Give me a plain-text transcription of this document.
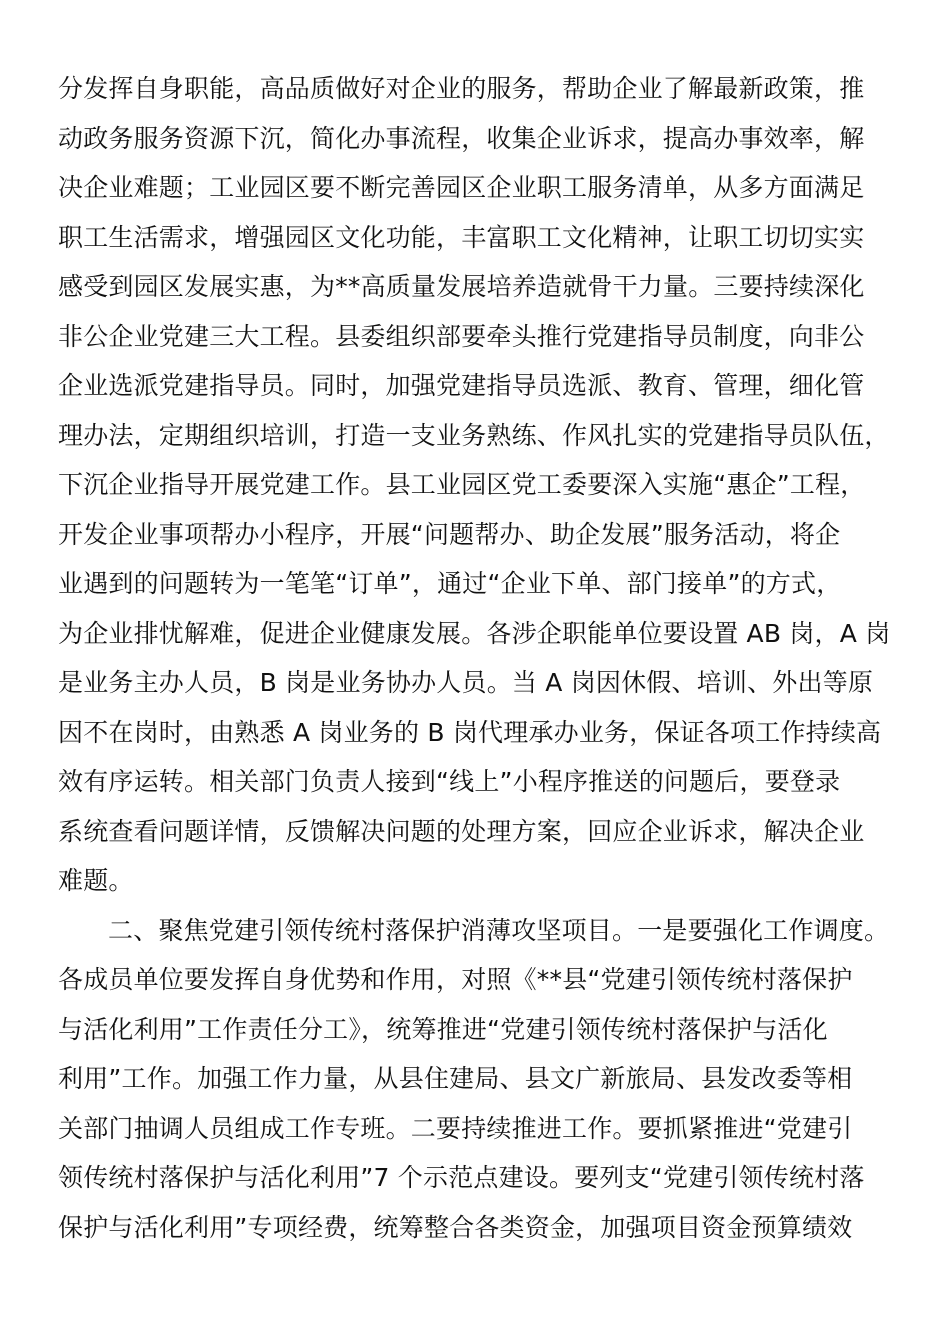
分发挥自身职能，高品质做好对企业的服务，帮助企业了解最新政策，推
动政务服务资源下沉，简化办事流程，收集企业诉求，提高办事效率，解
决企业难题；工业园区要不断完善园区企业职工服务清单，从多方面满足
职工生活需求，增强园区文化功能，丰富职工文化精神，让职工切切实实
感受到园区发展实惠，为**高质量发展培养造就骨干力量。三要持续深化
非公企业党建三大工程。县委组织部要牵头推行党建指导员制度，向非公
企业选派党建指导员。同时，加强党建指导员选派、教育、管理，细化管
理办法，定期组织培训，打造一支业务熟练、作风扎实的党建指导员队伍，
下沉企业指导开展党建工作。县工业园区党工委要深入实施“惠企”工程，
开发企业事项帮办小程序，开展“问题帮办、助企发展”服务活动，将企
业遇到的问题转为一笔笔“订单”，通过“企业下单、部门接单”的方式，
为企业排忧解难，促进企业健康发展。各涉企职能单位要设置 AB 岗，A 岗
是业务主办人员，B 岗是业务协办人员。当 A 岗因休假、培训、外出等原
因不在岗时，由熟悉 A 岗业务的 B 岗代理承办业务，保证各项工作持续高
效有序运转。相关部门负责人接到“线上”小程序推送的问题后，要登录
系统查看问题详情，反馈解决问题的处理方案，回应企业诉求，解决企业
难题。
二、聚焦党建引领传统村落保护消薄攻坚项目。一是要强化工作调度。
各成员单位要发挥自身优势和作用，对照《**县“党建引领传统村落保护
与活化利用”工作责任分工》，统筹推进“党建引领传统村落保护与活化
利用”工作。加强工作力量，从县住建局、县文广新旅局、县发改委等相
关部门抽调人员组成工作专班。二要持续推进工作。要抓紧推进“党建引
领传统村落保护与活化利用”7 个示范点建设。要列支“党建引领传统村落
保护与活化利用”专项经费，统筹整合各类资金，加强项目资金预算绩效
